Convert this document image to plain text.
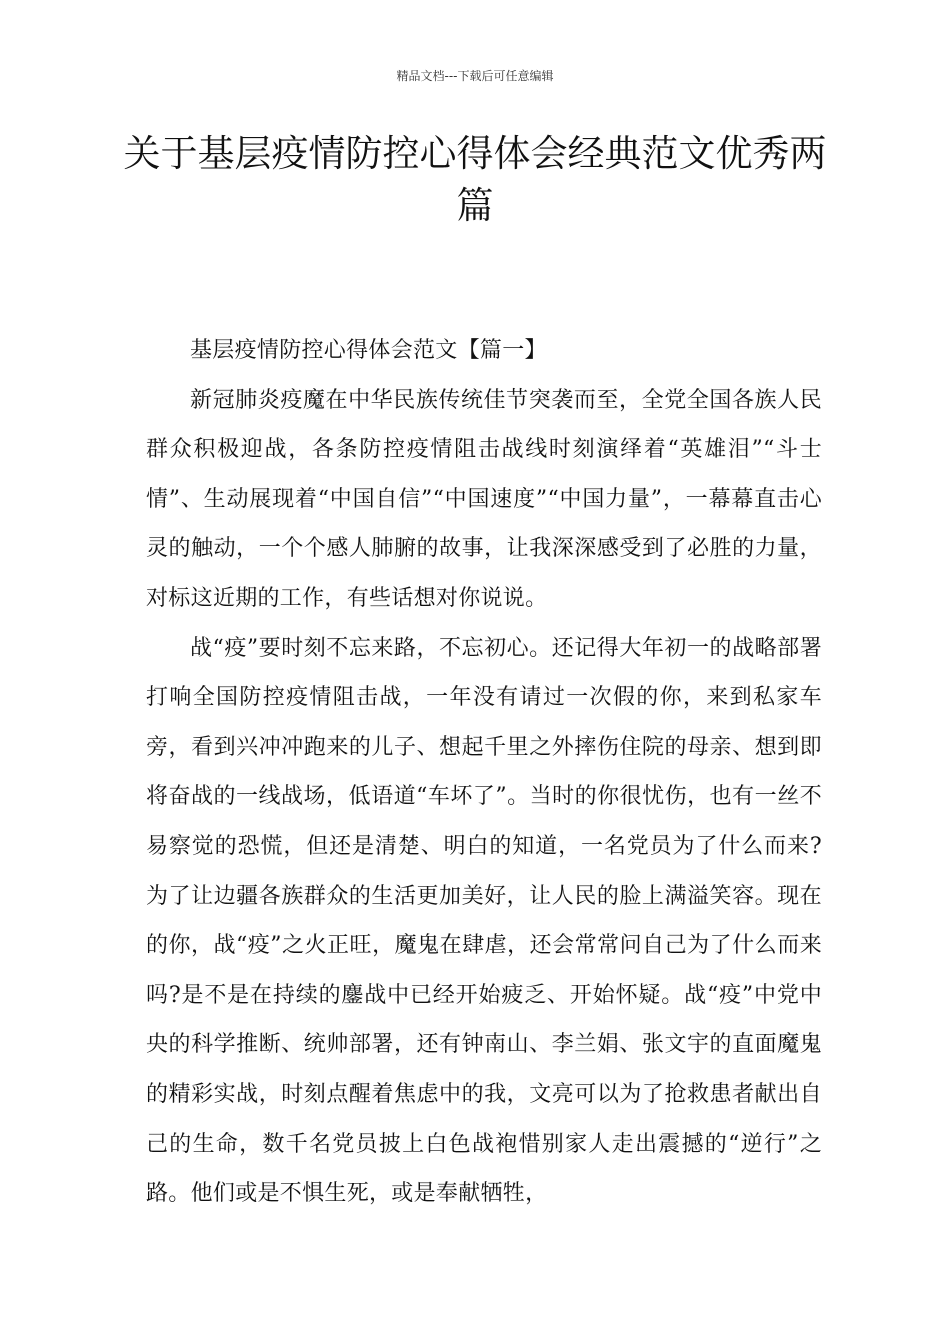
精品文档---下载后可任意编辑
关于基层疫情防控心得体会经典范文优秀两篇

基层疫情防控心得体会范文【篇一】

新冠肺炎疫魔在中华民族传统佳节突袭而至，全党全国各族人民群众积极迎战，各条防控疫情阻击战线时刻演绎着“英雄泪”“斗士情”、生动展现着“中国自信”“中国速度”“中国力量”，一幕幕直击心灵的触动，一个个感人肺腑的故事，让我深深感受到了必胜的力量，对标这近期的工作，有些话想对你说说。

战“疫”要时刻不忘来路，不忘初心。还记得大年初一的战略部署打响全国防控疫情阻击战，一年没有请过一次假的你，来到私家车旁，看到兴冲冲跑来的儿子、想起千里之外摔伤住院的母亲、想到即将奋战的一线战场，低语道“车坏了”。当时的你很忧伤，也有一丝不易察觉的恐慌，但还是清楚、明白的知道，一名党员为了什么而来?为了让边疆各族群众的生活更加美好，让人民的脸上满溢笑容。现在的你，战“疫”之火正旺，魔鬼在肆虐，还会常常问自己为了什么而来吗?是不是在持续的鏖战中已经开始疲乏、开始怀疑。战“疫”中党中央的科学推断、统帅部署，还有钟南山、李兰娟、张文宇的直面魔鬼的精彩实战，时刻点醒着焦虑中的我，文亮可以为了抢救患者献出自己的生命，数千名党员披上白色战袍惜别家人走出震撼的“逆行”之路。他们或是不惧生死，或是奉献牺牲，
